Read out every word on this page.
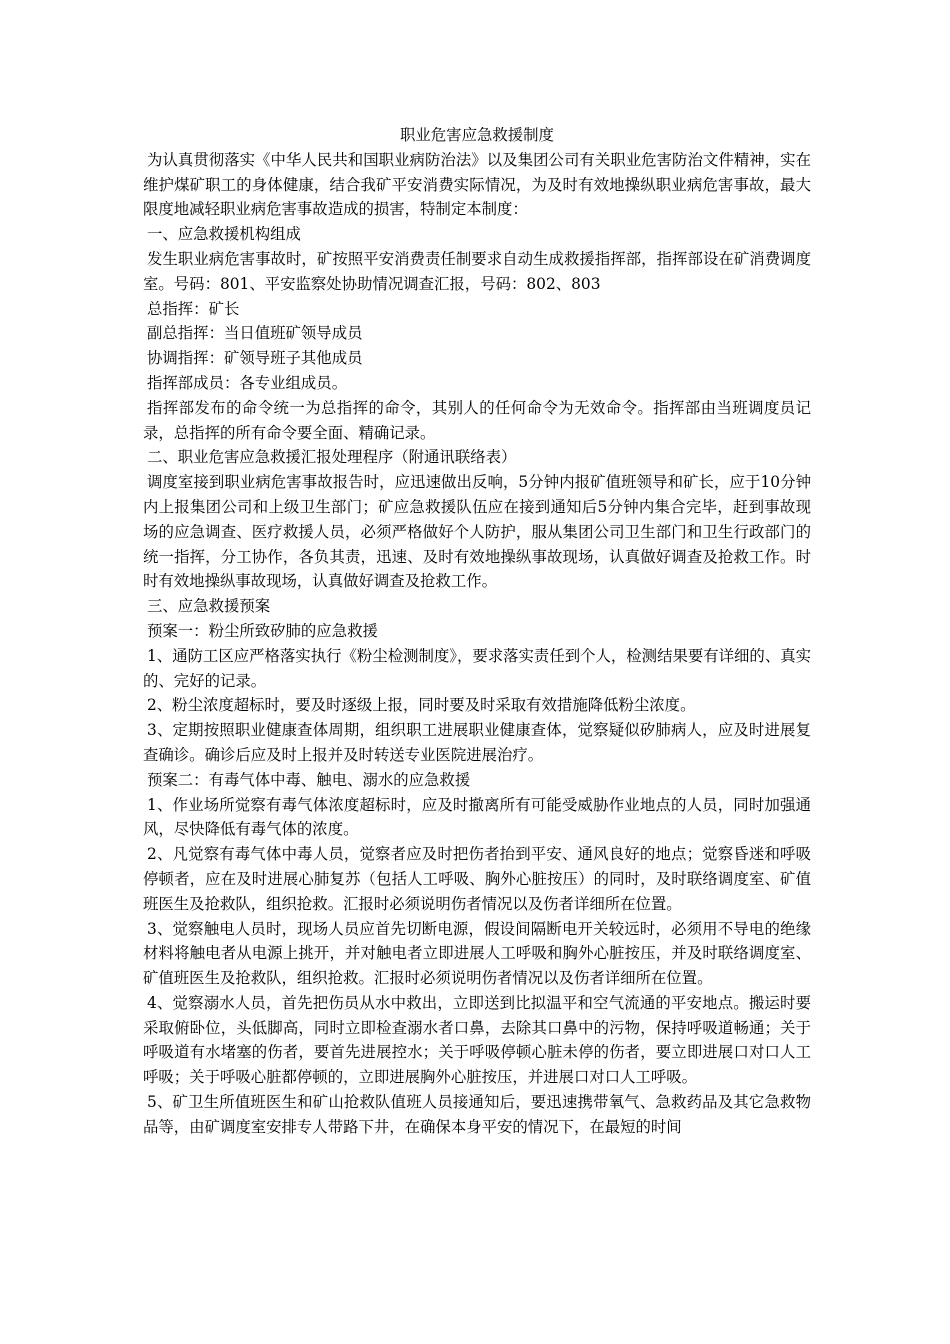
职业危害应急救援制度

为认真贯彻落实《中华人民共和国职业病防治法》以及集团公司有关职业危害防治文件精神，实在维护煤矿职工的身体健康，结合我矿平安消费实际情况，为及时有效地操纵职业病危害事故，最大限度地减轻职业病危害事故造成的损害，特制定本制度：

一、应急救援机构组成

发生职业病危害事故时，矿按照平安消费责任制要求自动生成救援指挥部，指挥部设在矿消费调度室。号码：801、平安监察处协助情况调查汇报，号码：802、803

总指挥：矿长

副总指挥：当日值班矿领导成员

协调指挥：矿领导班子其他成员

指挥部成员：各专业组成员。

指挥部发布的命令统一为总指挥的命令，其别人的任何命令为无效命令。指挥部由当班调度员记录，总指挥的所有命令要全面、精确记录。

二、职业危害应急救援汇报处理程序（附通讯联络表）

调度室接到职业病危害事故报告时，应迅速做出反响，5分钟内报矿值班领导和矿长，应于10分钟内上报集团公司和上级卫生部门；矿应急救援队伍应在接到通知后5分钟内集合完毕，赶到事故现场的应急调查、医疗救援人员，必须严格做好个人防护，服从集团公司卫生部门和卫生行政部门的统一指挥，分工协作，各负其责，迅速、及时有效地操纵事故现场，认真做好调查及抢救工作。时时有效地操纵事故现场，认真做好调查及抢救工作。

三、应急救援预案

预案一：粉尘所致矽肺的应急救援

1、通防工区应严格落实执行《粉尘检测制度》，要求落实责任到个人，检测结果要有详细的、真实的、完好的记录。

2、粉尘浓度超标时，要及时逐级上报，同时要及时采取有效措施降低粉尘浓度。

3、定期按照职业健康查体周期，组织职工进展职业健康查体，觉察疑似矽肺病人，应及时进展复查确诊。确诊后应及时上报并及时转送专业医院进展治疗。

预案二：有毒气体中毒、触电、溺水的应急救援

1、作业场所觉察有毒气体浓度超标时，应及时撤离所有可能受威胁作业地点的人员，同时加强通风，尽快降低有毒气体的浓度。

2、凡觉察有毒气体中毒人员，觉察者应及时把伤者抬到平安、通风良好的地点；觉察昏迷和呼吸停顿者，应在及时进展心肺复苏（包括人工呼吸、胸外心脏按压）的同时，及时联络调度室、矿值班医生及抢救队，组织抢救。汇报时必须说明伤者情况以及伤者详细所在位置。

3、觉察触电人员时，现场人员应首先切断电源，假设间隔断电开关较远时，必须用不导电的绝缘材料将触电者从电源上挑开，并对触电者立即进展人工呼吸和胸外心脏按压，并及时联络调度室、矿值班医生及抢救队，组织抢救。汇报时必须说明伤者情况以及伤者详细所在位置。

4、觉察溺水人员，首先把伤员从水中救出，立即送到比拟温平和空气流通的平安地点。搬运时要采取俯卧位，头低脚高，同时立即检查溺水者口鼻，去除其口鼻中的污物，保持呼吸道畅通；关于呼吸道有水堵塞的伤者，要首先进展控水；关于呼吸停顿心脏未停的伤者，要立即进展口对口人工呼吸；关于呼吸心脏都停顿的，立即进展胸外心脏按压，并进展口对口人工呼吸。

5、矿卫生所值班医生和矿山抢救队值班人员接通知后，要迅速携带氧气、急救药品及其它急救物品等，由矿调度室安排专人带路下井，在确保本身平安的情况下，在最短的时间
